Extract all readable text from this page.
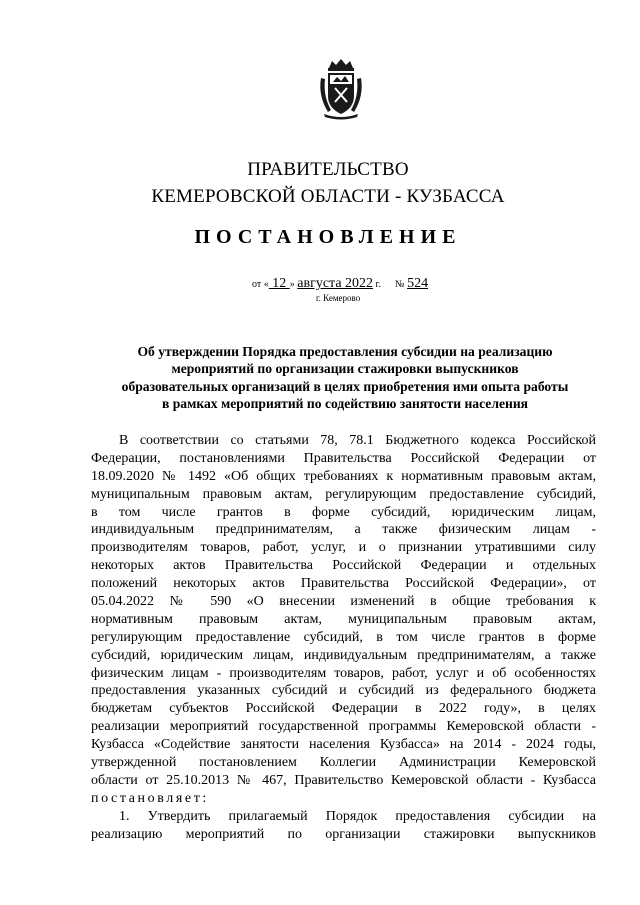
ПРАВИТЕЛЬСТВО
КЕМЕРОВСКОЙ ОБЛАСТИ - КУЗБАССА
ПОСТАНОВЛЕНИЕ
от « 12 » августа 2022 г. № 524
г. Кемерово
Об утверждении Порядка предоставления субсидии на реализацию
мероприятий по организации стажировки выпускников
образовательных организаций в целях приобретения ими опыта работы
в рамках мероприятий по содействию занятости населения
В соответствии со статьями 78, 78.1 Бюджетного кодекса Российской
Федерации, постановлениями Правительства Российской Федерации от
18.09.2020 № 1492 «Об общих требованиях к нормативным правовым актам,
муниципальным правовым актам, регулирующим предоставление субсидий,
в том числе грантов в форме субсидий, юридическим лицам,
индивидуальным предпринимателям, а также физическим лицам -
производителям товаров, работ, услуг, и о признании утратившими силу
некоторых актов Правительства Российской Федерации и отдельных
положений некоторых актов Правительства Российской Федерации», от
05.04.2022 № 590 «О внесении изменений в общие требования к
нормативным правовым актам, муниципальным правовым актам,
регулирующим предоставление субсидий, в том числе грантов в форме
субсидий, юридическим лицам, индивидуальным предпринимателям, а также
физическим лицам - производителям товаров, работ, услуг и об особенностях
предоставления указанных субсидий и субсидий из федерального бюджета
бюджетам субъектов Российской Федерации в 2022 году», в целях
реализации мероприятий государственной программы Кемеровской области -
Кузбасса «Содействие занятости населения Кузбасса» на 2014 - 2024 годы,
утвержденной постановлением Коллегии Администрации Кемеровской
области от 25.10.2013 № 467, Правительство Кемеровской области - Кузбасса
постановляет:
1. Утвердить прилагаемый Порядок предоставления субсидии на
реализацию мероприятий по организации стажировки выпускников
